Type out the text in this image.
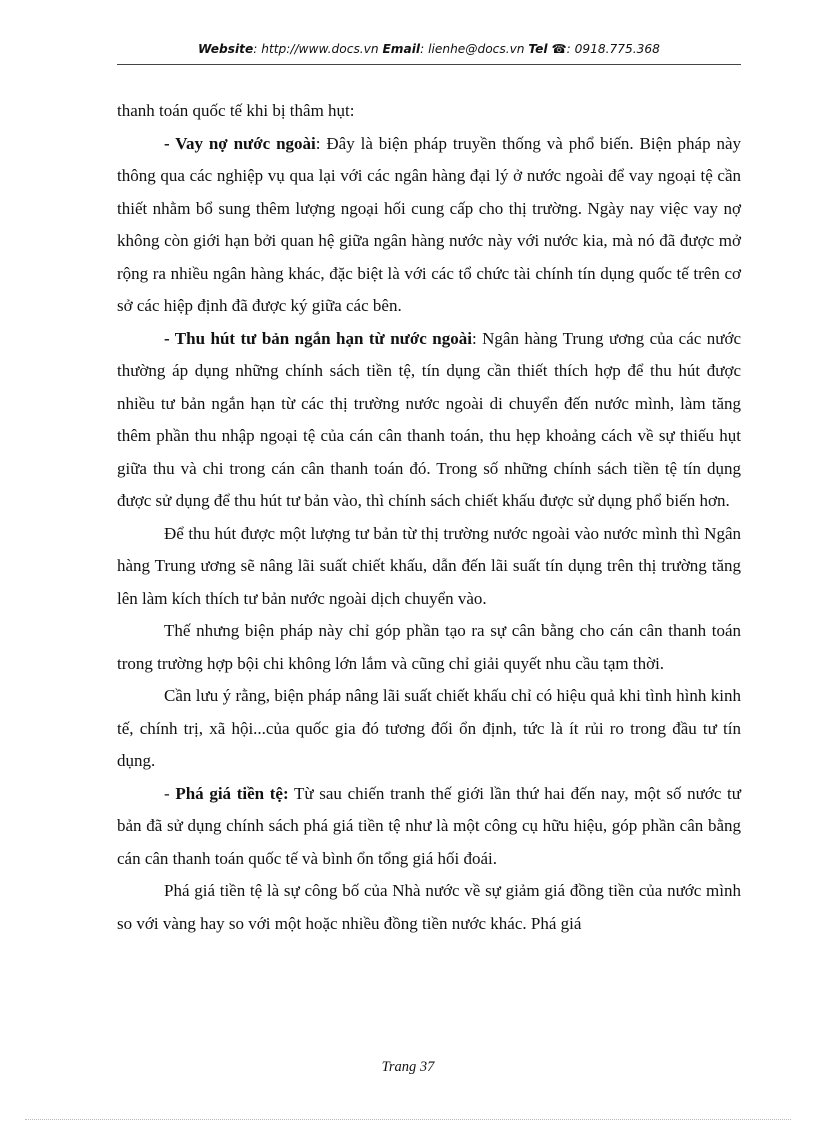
Website: http://www.docs.vn Email: lienhe@docs.vn Tel ☎: 0918.775.368

thanh toán quốc tế khi bị thâm hụt:

- Vay nợ nước ngoài: Đây là biện pháp truyền thống và phổ biến. Biện pháp này thông qua các nghiệp vụ qua lại với các ngân hàng đại lý ở nước ngoài để vay ngoại tệ cần thiết nhằm bổ sung thêm lượng ngoại hối cung cấp cho thị trường. Ngày nay việc vay nợ không còn giới hạn bởi quan hệ giữa ngân hàng nước này với nước kia, mà nó đã được mở rộng ra nhiều ngân hàng khác, đặc biệt là với các tổ chức tài chính tín dụng quốc tế trên cơ sở các hiệp định đã được ký giữa các bên.

- Thu hút tư bản ngắn hạn từ nước ngoài: Ngân hàng Trung ương của các nước thường áp dụng những chính sách tiền tệ, tín dụng cần thiết thích hợp để thu hút được nhiều tư bản ngắn hạn từ các thị trường nước ngoài di chuyển đến nước mình, làm tăng thêm phần thu nhập ngoại tệ của cán cân thanh toán, thu hẹp khoảng cách về sự thiếu hụt giữa thu và chi trong cán cân thanh toán đó. Trong số những chính sách tiền tệ tín dụng được sử dụng để thu hút tư bản vào, thì chính sách chiết khấu được sử dụng phổ biến hơn.

Để thu hút được một lượng tư bản từ thị trường nước ngoài vào nước mình thì Ngân hàng Trung ương sẽ nâng lãi suất chiết khấu, dẫn đến lãi suất tín dụng trên thị trường tăng lên làm kích thích tư bản nước ngoài dịch chuyển vào.

Thế nhưng biện pháp này chỉ góp phần tạo ra sự cân bằng cho cán cân thanh toán trong trường hợp bội chi không lớn lắm và cũng chỉ giải quyết nhu cầu tạm thời.

Cần lưu ý rằng, biện pháp nâng lãi suất chiết khấu chỉ có hiệu quả khi tình hình kinh tế, chính trị, xã hội...của quốc gia đó tương đối ổn định, tức là ít rủi ro trong đầu tư tín dụng.

- Phá giá tiền tệ: Từ sau chiến tranh thế giới lần thứ hai đến nay, một số nước tư bản đã sử dụng chính sách phá giá tiền tệ như là một công cụ hữu hiệu, góp phần cân bằng cán cân thanh toán quốc tế và bình ổn tổng giá hối đoái.

Phá giá tiền tệ là sự công bố của Nhà nước về sự giảm giá đồng tiền của nước mình so với vàng hay so với một hoặc nhiều đồng tiền nước khác. Phá giá

Trang 37
